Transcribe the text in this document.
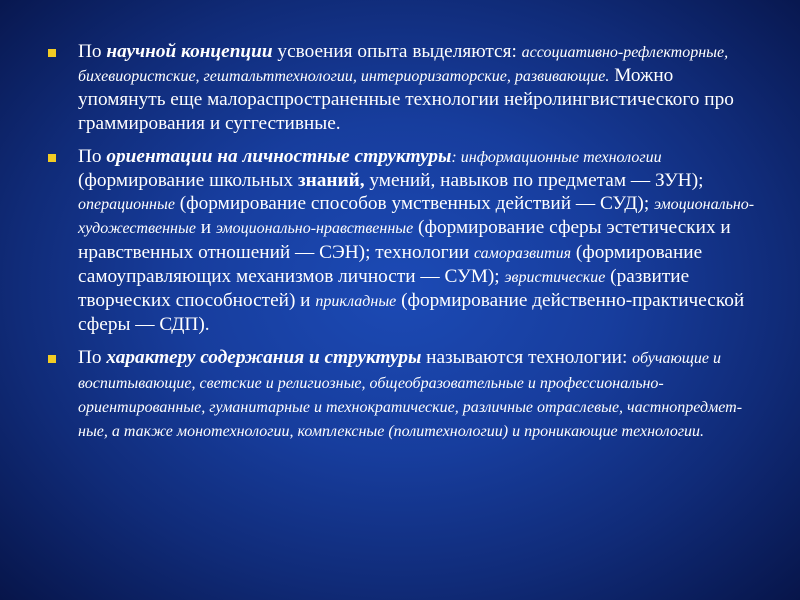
По научной концепции усвоения опыта выделяются: ассоциативно-рефлекторные, бихевиористские, гештальттехнологии, интериоризаторские, развивающие. Можно упомянуть еще малораспространенные технологии нейролингвистического про граммирования и суггестивные.

По ориентации на личностные структуры: информационные технологии (формирование школьных знаний, умений, навыков по предметам — ЗУН); операционные (формирование способов умственных действий — СУД); эмоционально-художественные и эмоционально-нравственные (формирование сферы эстетических и нравственных отношений — СЭН); технологии саморазвития (формирование самоуправляющих механизмов личности — СУМ); эвристические (развитие творческих способностей) и прикладные (формирование действенно-практической сферы — СДП).

По характеру содержания и структуры называются технологии: обучающие и воспитывающие, светские и религиозные, общеобразовательные и профессионально-ориентированные, гуманитарные и технократические, различные отраслевые, частнопредмет-ные, а также монотехнологии, комплексные (политехнологии) и проникающие технологии.
